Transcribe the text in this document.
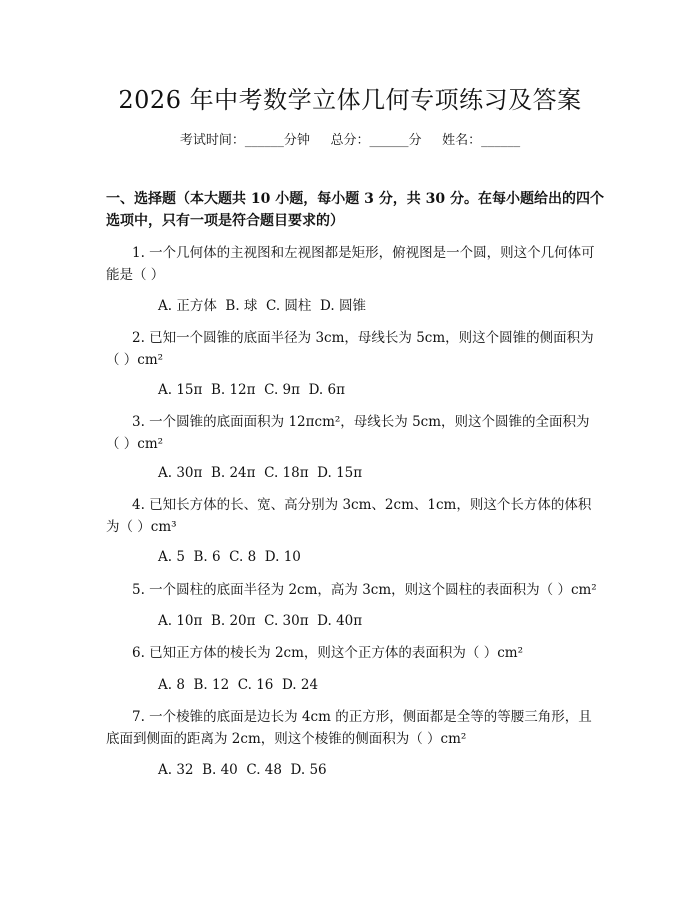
2026 年中考数学立体几何专项练习及答案
考试时间：______分钟     总分：______分     姓名：______
一、选择题（本大题共 10 小题，每小题 3 分，共 30 分。在每小题给出的四个选项中，只有一项是符合题目要求的）

1. 一个几何体的主视图和左视图都是矩形，俯视图是一个圆，则这个几何体可能是（ ）

A. 正方体  B. 球  C. 圆柱  D. 圆锥

2. 已知一个圆锥的底面半径为 3cm，母线长为 5cm，则这个圆锥的侧面积为（ ）cm²

A. 15π  B. 12π  C. 9π  D. 6π

3. 一个圆锥的底面面积为 12πcm²，母线长为 5cm，则这个圆锥的全面积为（ ）cm²

A. 30π  B. 24π  C. 18π  D. 15π

4. 已知长方体的长、宽、高分别为 3cm、2cm、1cm，则这个长方体的体积为（ ）cm³

A. 5  B. 6  C. 8  D. 10

5. 一个圆柱的底面半径为 2cm，高为 3cm，则这个圆柱的表面积为（ ）cm²

A. 10π  B. 20π  C. 30π  D. 40π

6. 已知正方体的棱长为 2cm，则这个正方体的表面积为（ ）cm²

A. 8  B. 12  C. 16  D. 24

7. 一个棱锥的底面是边长为 4cm 的正方形，侧面都是全等的等腰三角形，且底面到侧面的距离为 2cm，则这个棱锥的侧面积为（ ）cm²

A. 32  B. 40  C. 48  D. 56
